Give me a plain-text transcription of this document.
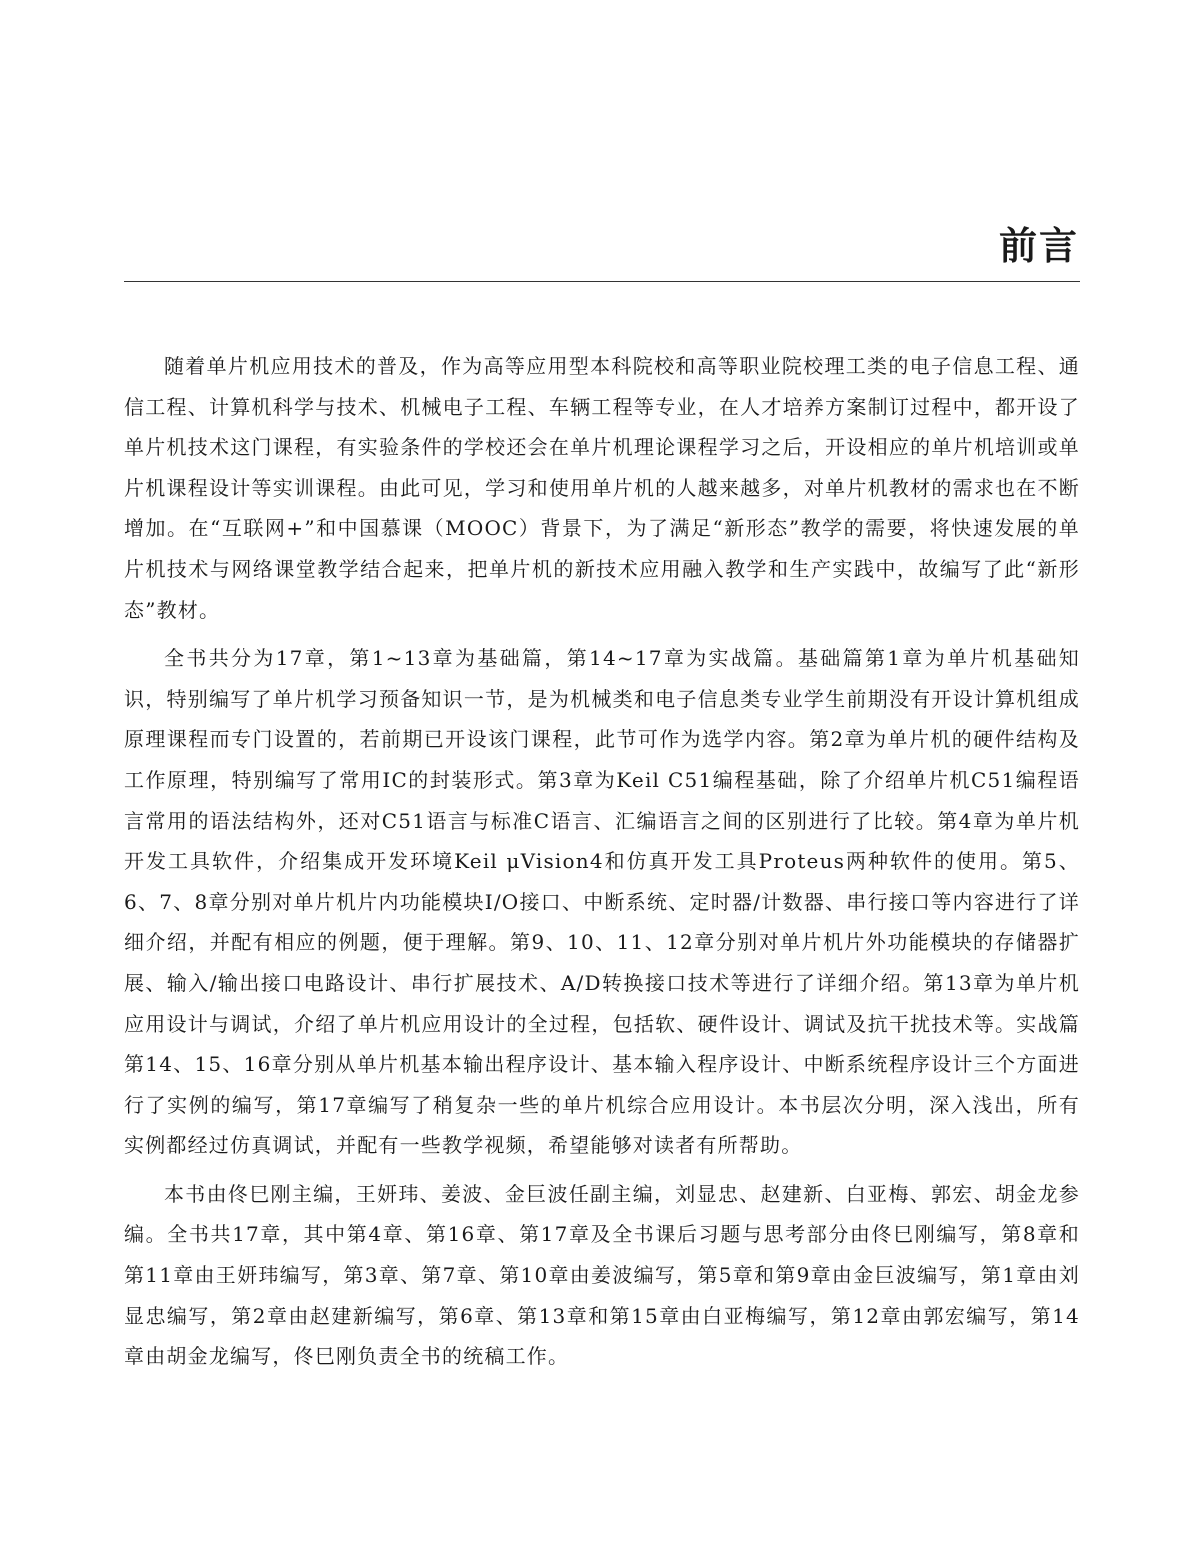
前言

随着单片机应用技术的普及，作为高等应用型本科院校和高等职业院校理工类的电子信息工程、通信工程、计算机科学与技术、机械电子工程、车辆工程等专业，在人才培养方案制订过程中，都开设了单片机技术这门课程，有实验条件的学校还会在单片机理论课程学习之后，开设相应的单片机培训或单片机课程设计等实训课程。由此可见，学习和使用单片机的人越来越多，对单片机教材的需求也在不断增加。在“互联网+”和中国慕课（MOOC）背景下，为了满足“新形态”教学的需要，将快速发展的单片机技术与网络课堂教学结合起来，把单片机的新技术应用融入教学和生产实践中，故编写了此“新形态”教材。

全书共分为17章，第1~13章为基础篇，第14~17章为实战篇。基础篇第1章为单片机基础知识，特别编写了单片机学习预备知识一节，是为机械类和电子信息类专业学生前期没有开设计算机组成原理课程而专门设置的，若前期已开设该门课程，此节可作为选学内容。第2章为单片机的硬件结构及工作原理，特别编写了常用IC的封装形式。第3章为Keil C51编程基础，除了介绍单片机C51编程语言常用的语法结构外，还对C51语言与标准C语言、汇编语言之间的区别进行了比较。第4章为单片机开发工具软件，介绍集成开发环境Keil μVision4和仿真开发工具Proteus两种软件的使用。第5、6、7、8章分别对单片机片内功能模块I/O接口、中断系统、定时器/计数器、串行接口等内容进行了详细介绍，并配有相应的例题，便于理解。第9、10、11、12章分别对单片机片外功能模块的存储器扩展、输入/输出接口电路设计、串行扩展技术、A/D转换接口技术等进行了详细介绍。第13章为单片机应用设计与调试，介绍了单片机应用设计的全过程，包括软、硬件设计、调试及抗干扰技术等。实战篇第14、15、16章分别从单片机基本输出程序设计、基本输入程序设计、中断系统程序设计三个方面进行了实例的编写，第17章编写了稍复杂一些的单片机综合应用设计。本书层次分明，深入浅出，所有实例都经过仿真调试，并配有一些教学视频，希望能够对读者有所帮助。

本书由佟巳刚主编，王妍玮、姜波、金巨波任副主编，刘显忠、赵建新、白亚梅、郭宏、胡金龙参编。全书共17章，其中第4章、第16章、第17章及全书课后习题与思考部分由佟巳刚编写，第8章和第11章由王妍玮编写，第3章、第7章、第10章由姜波编写，第5章和第9章由金巨波编写，第1章由刘显忠编写，第2章由赵建新编写，第6章、第13章和第15章由白亚梅编写，第12章由郭宏编写，第14章由胡金龙编写，佟巳刚负责全书的统稿工作。
